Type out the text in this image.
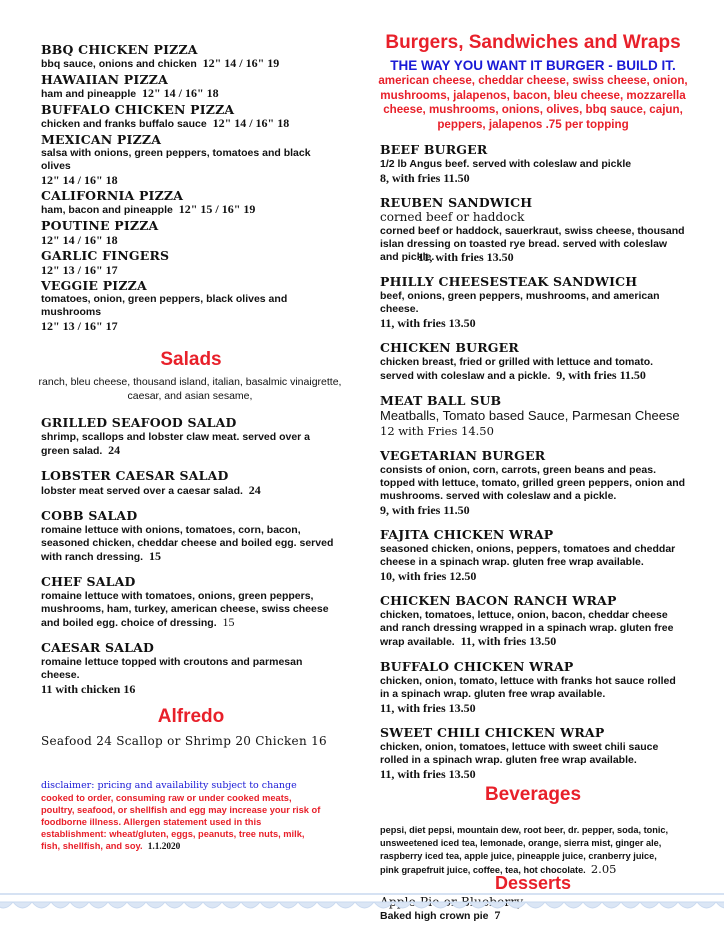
BBQ CHICKEN PIZZA
bbq sauce, onions and chicken 12" 14 / 16" 19
HAWAIIAN PIZZA
ham and pineapple 12" 14 / 16" 18
BUFFALO CHICKEN PIZZA
chicken and franks buffalo sauce 12" 14 / 16" 18
MEXICAN PIZZA
salsa with onions, green peppers, tomatoes and black olives
12" 14 / 16" 18
CALIFORNIA PIZZA
ham, bacon and pineapple 12" 15 / 16" 19
POUTINE PIZZA
12" 14 / 16" 18
GARLIC FINGERS
12" 13 / 16" 17
VEGGIE PIZZA
tomatoes, onion, green peppers, black olives and mushrooms
12" 13 / 16" 17
Salads
ranch, bleu cheese, thousand island, italian, basalmic vinaigrette, caesar, and asian sesame,
GRILLED SEAFOOD SALAD
shrimp, scallops and lobster claw meat. served over a green salad. 24
LOBSTER CAESAR SALAD
lobster meat served over a caesar salad. 24
COBB SALAD
romaine lettuce with onions, tomatoes, corn, bacon, seasoned chicken, cheddar cheese and boiled egg. served with ranch dressing. 15
CHEF SALAD
romaine lettuce with tomatoes, onions, green peppers, mushrooms, ham, turkey, american cheese, swiss cheese and boiled egg. choice of dressing. 15
CAESAR SALAD
romaine lettuce topped with croutons and parmesan cheese.
11 with chicken 16
Alfredo
Seafood 24 Scallop or Shrimp 20 Chicken 16
disclaimer: pricing and availability subject to change
cooked to order, consuming raw or under cooked meats, poultry, seafood, or shellfish and egg may increase your risk of foodborne illness. Allergen statement used in this establishment: wheat/gluten, eggs, peanuts, tree nuts, milk, fish, shellfish, and soy. 1.1.2020
Burgers, Sandwiches and Wraps
THE WAY YOU WANT IT BURGER - BUILD IT.
american cheese, cheddar cheese, swiss cheese, onion, mushrooms, jalapenos, bacon, bleu cheese, mozzarella cheese, mushrooms, onions, olives, bbq sauce, cajun, peppers, jalapenos .75 per topping
BEEF BURGER
1/2 lb Angus beef. served with coleslaw and pickle
8, with fries 11.50
REUBEN SANDWICH
corned beef or haddock
corned beef or haddock, sauerkraut, swiss cheese, thousand islan dressing on toasted rye bread. served with coleslaw and pickle.
11, with fries 13.50
PHILLY CHEESESTEAK SANDWICH
beef, onions, green peppers, mushrooms, and american cheese.
11, with fries 13.50
CHICKEN BURGER
chicken breast, fried or grilled with lettuce and tomato. served with coleslaw and a pickle. 9, with fries 11.50
MEAT BALL SUB
Meatballs, Tomato based Sauce, Parmesan Cheese
12 with Fries 14.50
VEGETARIAN BURGER
consists of onion, corn, carrots, green beans and peas. topped with lettuce, tomato, grilled green peppers, onion and mushrooms. served with coleslaw and a pickle.
9, with fries 11.50
FAJITA CHICKEN WRAP
seasoned chicken, onions, peppers, tomatoes and cheddar cheese in a spinach wrap. gluten free wrap available.
10, with fries 12.50
CHICKEN BACON RANCH WRAP
chicken, tomatoes, lettuce, onion, bacon, cheddar cheese and ranch dressing wrapped in a spinach wrap. gluten free wrap available. 11, with fries 13.50
BUFFALO CHICKEN WRAP
chicken, onion, tomato, lettuce with franks hot sauce rolled in a spinach wrap. gluten free wrap available.
11, with fries 13.50
SWEET CHILI CHICKEN WRAP
chicken, onion, tomatoes, lettuce with sweet chili sauce rolled in a spinach wrap. gluten free wrap available.
11, with fries 13.50
Beverages
pepsi, diet pepsi, mountain dew, root beer, dr. pepper, soda, tonic, unsweetened iced tea, lemonade, orange, sierra mist, ginger ale, raspberry iced tea, apple juice, pineapple juice, cranberry juice, pink grapefruit juice, coffee, tea, hot chocolate. 2.05
Desserts
or
Baked high crown pie 7
